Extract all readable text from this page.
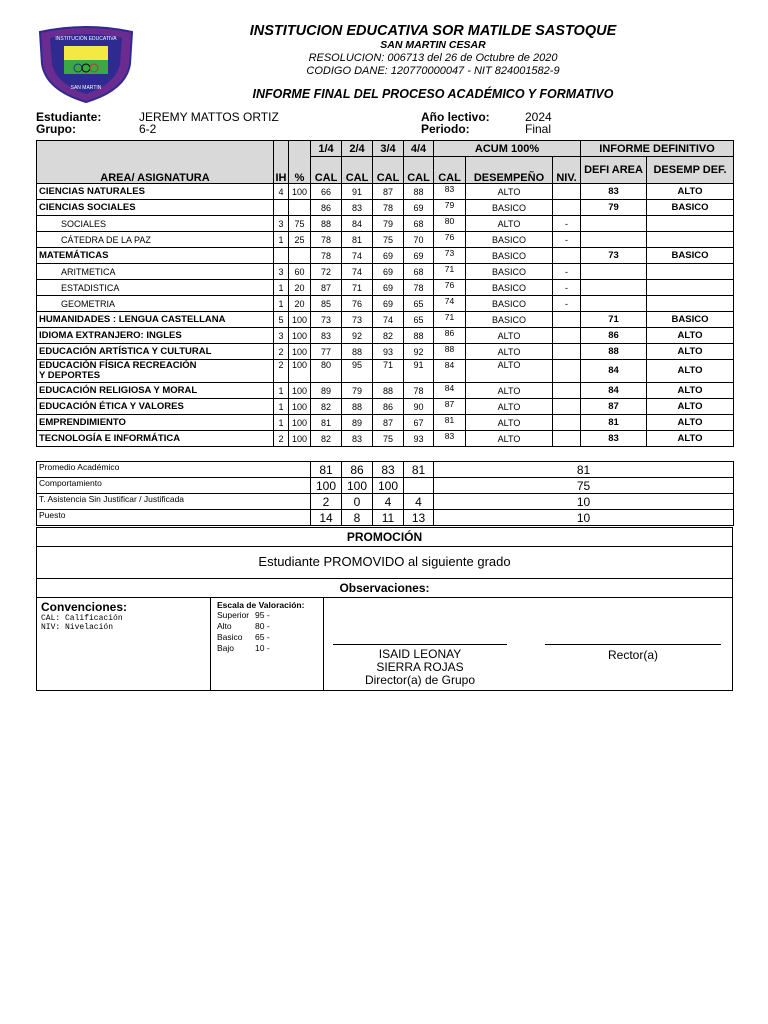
INSTITUCIÓN EDUCATIVA
SAN MARTIN
INSTITUCION EDUCATIVA SOR MATILDE SASTOQUE
SAN MARTIN CESAR
RESOLUCION: 006713 del 26 de Octubre de 2020
CODIGO DANE: 120770000047 - NIT 824001582-9
INFORME FINAL DEL PROCESO ACADÉMICO Y FORMATIVO
Estudiante:	JEREMY MATTOS ORTIZ
Grupo:	6-2
Año lectivo:	2024
Periodo:	Final
AREA/ ASIGNATURA	IH	%	1/4	2/4	3/4	4/4	ACUM 100%			INFORME DEFINITIVO	
			CAL	CAL	CAL	CAL	CAL	DESEMPEÑO	NIV.	DEFI AREA	DESEMP DEF.
CIENCIAS NATURALES	4	100	66	91	87	88	83	ALTO		83	ALTO
CIENCIAS SOCIALES			86	83	78	69	79	BASICO		79	BASICO
SOCIALES	3	75	88	84	79	68	80	ALTO	-		
CÁTEDRA DE LA PAZ	1	25	78	81	75	70	76	BASICO	-		
MATEMÁTICAS			78	74	69	69	73	BASICO		73	BASICO
ARITMETICA	3	60	72	74	69	68	71	BASICO	-		
ESTADISTICA	1	20	87	71	69	78	76	BASICO	-		
GEOMETRIA	1	20	85	76	69	65	74	BASICO	-		
HUMANIDADES : LENGUA CASTELLANA	5	100	73	73	74	65	71	BASICO		71	BASICO
IDIOMA EXTRANJERO: INGLES	3	100	83	92	82	88	86	ALTO		86	ALTO
EDUCACIÓN ARTÍSTICA Y CULTURAL	2	100	77	88	93	92	88	ALTO		88	ALTO

EDUCACIÓN FÍSICA RECREACIÓN
Y DEPORTES	2	100	80	95	71	91	84	ALTO		84	ALTO
EDUCACIÓN RELIGIOSA Y MORAL	1	100	89	79	88	78	84	ALTO		84	ALTO
EDUCACIÓN ÉTICA Y VALORES	1	100	82	88	86	90	87	ALTO		87	ALTO
EMPRENDIMIENTO	1	100	81	89	87	67	81	ALTO		81	ALTO
TECNOLOGÍA E INFORMÁTICA	2	100	82	83	75	93	83	ALTO		83	ALTO
Promedio Académico	81	86	83	81	81
Comportamiento	100	100	100		75
T. Asistencia Sin Justificar / Justificada	2	0	4	4	10
Puesto	14	8	11	13	10
PROMOCIÓN
Estudiante PROMOVIDO al siguiente grado
Observaciones:
Convenciones:
CAL: Calificación
NIV: Nivelación
Escala de Valoración:
Superior 95 -
Alto	80 -
Basico 65 -
Bajo 10 -	ISAID LEONAY
SIERRA ROJAS
Director(a) de Grupo
Rector(a)
